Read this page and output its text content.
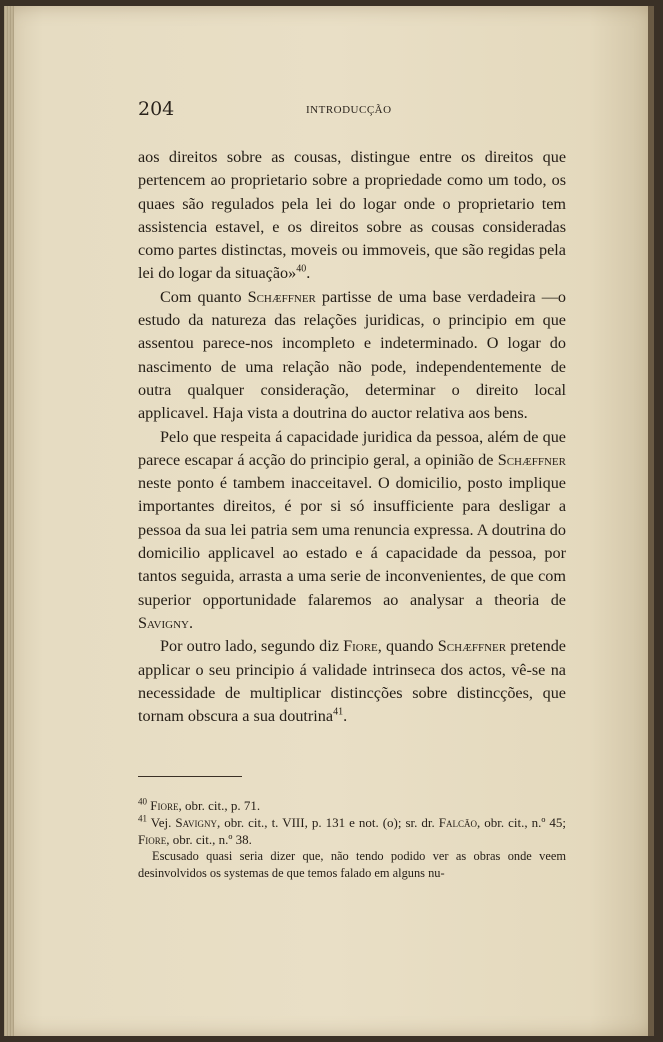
204	INTRODUCÇÃO

aos direitos sobre as cousas, distingue entre os direitos que pertencem ao proprietario sobre a propriedade como um todo, os quaes são regulados pela lei do logar onde o proprietario tem assistencia estavel, e os direitos sobre as cousas consideradas como partes distinctas, moveis ou immoveis, que são regidas pela lei do logar da situação»$^{40}$.

Com quanto Schæffner partisse de uma base verdadeira —o estudo da natureza das relações juridicas, o principio em que assentou parece-nos incompleto e indeterminado. O logar do nascimento de uma relação não pode, independentemente de outra qualquer consideração, determinar o direito local applicavel. Haja vista a doutrina do auctor relativa aos bens.

Pelo que respeita á capacidade juridica da pessoa, além de que parece escapar á acção do principio geral, a opinião de Schæffner neste ponto é tambem inacceitavel. O domicilio, posto implique importantes direitos, é por si só insufficiente para desligar a pessoa da sua lei patria sem uma renuncia expressa. A doutrina do domicilio applicavel ao estado e á capacidade da pessoa, por tantos seguida, arrasta a uma serie de inconvenientes, de que com superior opportunidade falaremos ao analysar a theoria de Savigny.

Por outro lado, segundo diz Fiore, quando Schæffner pretende applicar o seu principio á validade intrinseca dos actos, vê-se na necessidade de multiplicar distincções sobre distincções, que tornam obscura a sua doutrina$^{41}$.

$^{40}$ Fiore, obr. cit., p. 71.

$^{41}$ Vej. Savigny, obr. cit., t. VIII, p. 131 e not. (o); sr. dr. Falcão, obr. cit., n.º 45; Fiore, obr. cit., n.º 38.

Escusado quasi seria dizer que, não tendo podido ver as obras onde veem desinvolvidos os systemas de que temos falado em alguns nu-
